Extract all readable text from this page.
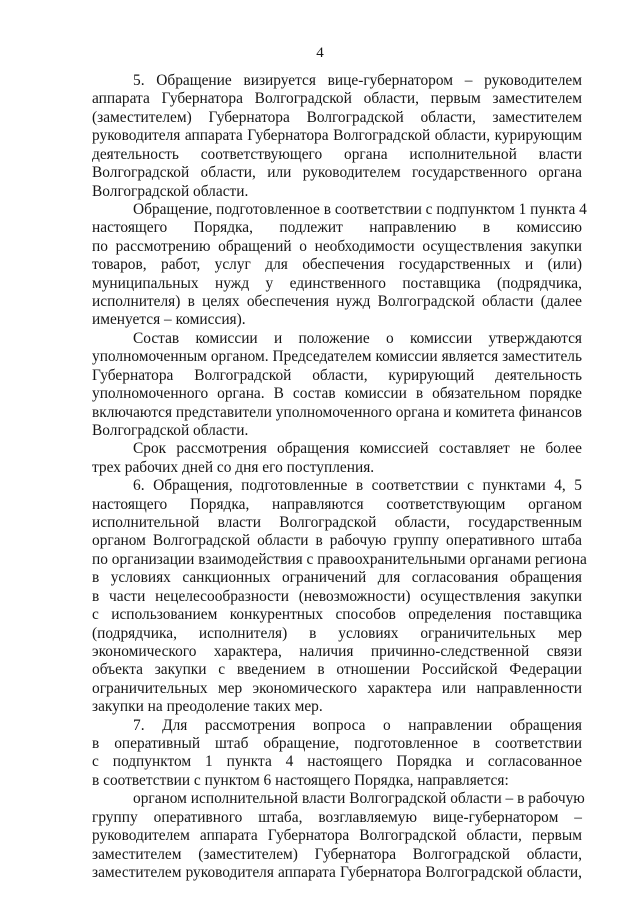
4
5. Обращение визируется вице-губернатором – руководителем
аппарата Губернатора Волгоградской области, первым заместителем
(заместителем) Губернатора Волгоградской области, заместителем
руководителя аппарата Губернатора Волгоградской области, курирующим
деятельность соответствующего органа исполнительной власти
Волгоградской области, или руководителем государственного органа
Волгоградской области.
Обращение, подготовленное в соответствии с подпунктом 1 пункта 4
настоящего Порядка, подлежит направлению в комиссию
по рассмотрению обращений о необходимости осуществления закупки
товаров, работ, услуг для обеспечения государственных и (или)
муниципальных нужд у единственного поставщика (подрядчика,
исполнителя) в целях обеспечения нужд Волгоградской области (далее
именуется – комиссия).
Состав комиссии и положение о комиссии утверждаются
уполномоченным органом. Председателем комиссии является заместитель
Губернатора Волгоградской области, курирующий деятельность
уполномоченного органа. В состав комиссии в обязательном порядке
включаются представители уполномоченного органа и комитета финансов
Волгоградской области.
Срок рассмотрения обращения комиссией составляет не более
трех рабочих дней со дня его поступления.
6. Обращения, подготовленные в соответствии с пунктами 4, 5
настоящего Порядка, направляются соответствующим органом
исполнительной власти Волгоградской области, государственным
органом Волгоградской области в рабочую группу оперативного штаба
по организации взаимодействия с правоохранительными органами региона
в условиях санкционных ограничений для согласования обращения
в части нецелесообразности (невозможности) осуществления закупки
с использованием конкурентных способов определения поставщика
(подрядчика, исполнителя) в условиях ограничительных мер
экономического характера, наличия причинно-следственной связи
объекта закупки с введением в отношении Российской Федерации
ограничительных мер экономического характера или направленности
закупки на преодоление таких мер.
7. Для рассмотрения вопроса о направлении обращения
в оперативный штаб обращение, подготовленное в соответствии
с подпунктом 1 пункта 4 настоящего Порядка и согласованное
в соответствии с пунктом 6 настоящего Порядка, направляется:
органом исполнительной власти Волгоградской области – в рабочую
группу оперативного штаба, возглавляемую вице-губернатором –
руководителем аппарата Губернатора Волгоградской области, первым
заместителем (заместителем) Губернатора Волгоградской области,
заместителем руководителя аппарата Губернатора Волгоградской области,
